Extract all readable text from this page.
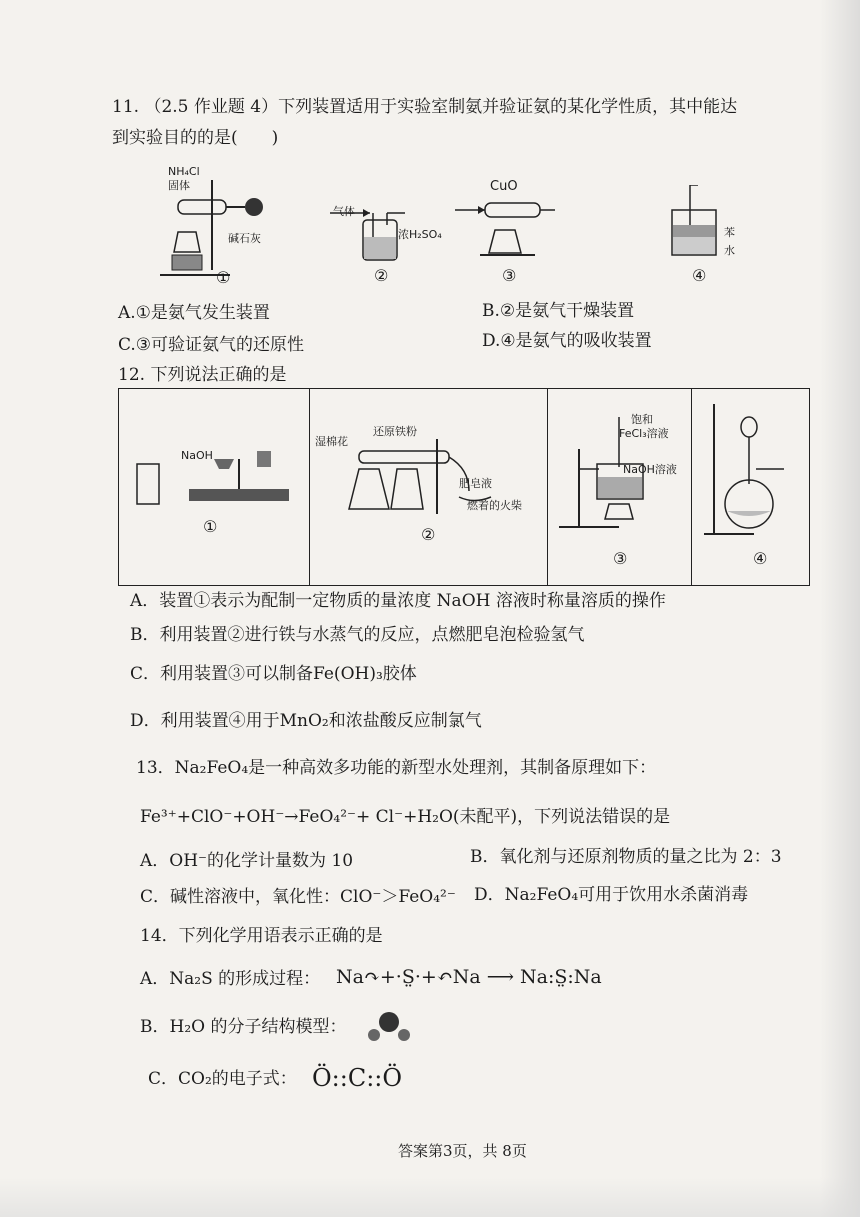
11. （2.5 作业题 4）下列装置适用于实验室制氨并验证氨的某化学性质，其中能达
到实验目的的是(　　)
NH₄Cl
固体
碱石灰
①
气体
浓H₂SO₄
②
CuO
③
苯
水
④
A.①是氨气发生装置	B.②是氨气干燥装置
C.③可验证氨气的还原性	D.④是氨气的吸收装置
12. 下列说法正确的是
NaOH
①
湿棉花
还原铁粉
肥皂液
燃着的火柴
②
饱和
FeCl₃溶液
NaOH溶液
③	④
A．装置①表示为配制一定物质的量浓度 NaOH 溶液时称量溶质的操作
B．利用装置②进行铁与水蒸气的反应，点燃肥皂泡检验氢气
C．利用装置③可以制备Fe(OH)₃胶体
D．利用装置④用于MnO₂和浓盐酸反应制氯气
13．Na₂FeO₄是一种高效多功能的新型水处理剂，其制备原理如下：
Fe³⁺+ClO⁻+OH⁻→FeO₄²⁻+ Cl⁻+H₂O(未配平)，下列说法错误的是
A．OH⁻的化学计量数为 10	B．氧化剂与还原剂物质的量之比为 2：3
C．碱性溶液中，氧化性：ClO⁻＞FeO₄²⁻ D．Na₂FeO₄可用于饮用水杀菌消毒
14．下列化学用语表示正确的是
A．Na₂S 的形成过程： Na↷+·S̤·+↶Na ⟶ Na:S̤:Na
B．H₂O 的分子结构模型：
C．CO₂的电子式： Ö::C::Ö
答案第3页，共 8页
